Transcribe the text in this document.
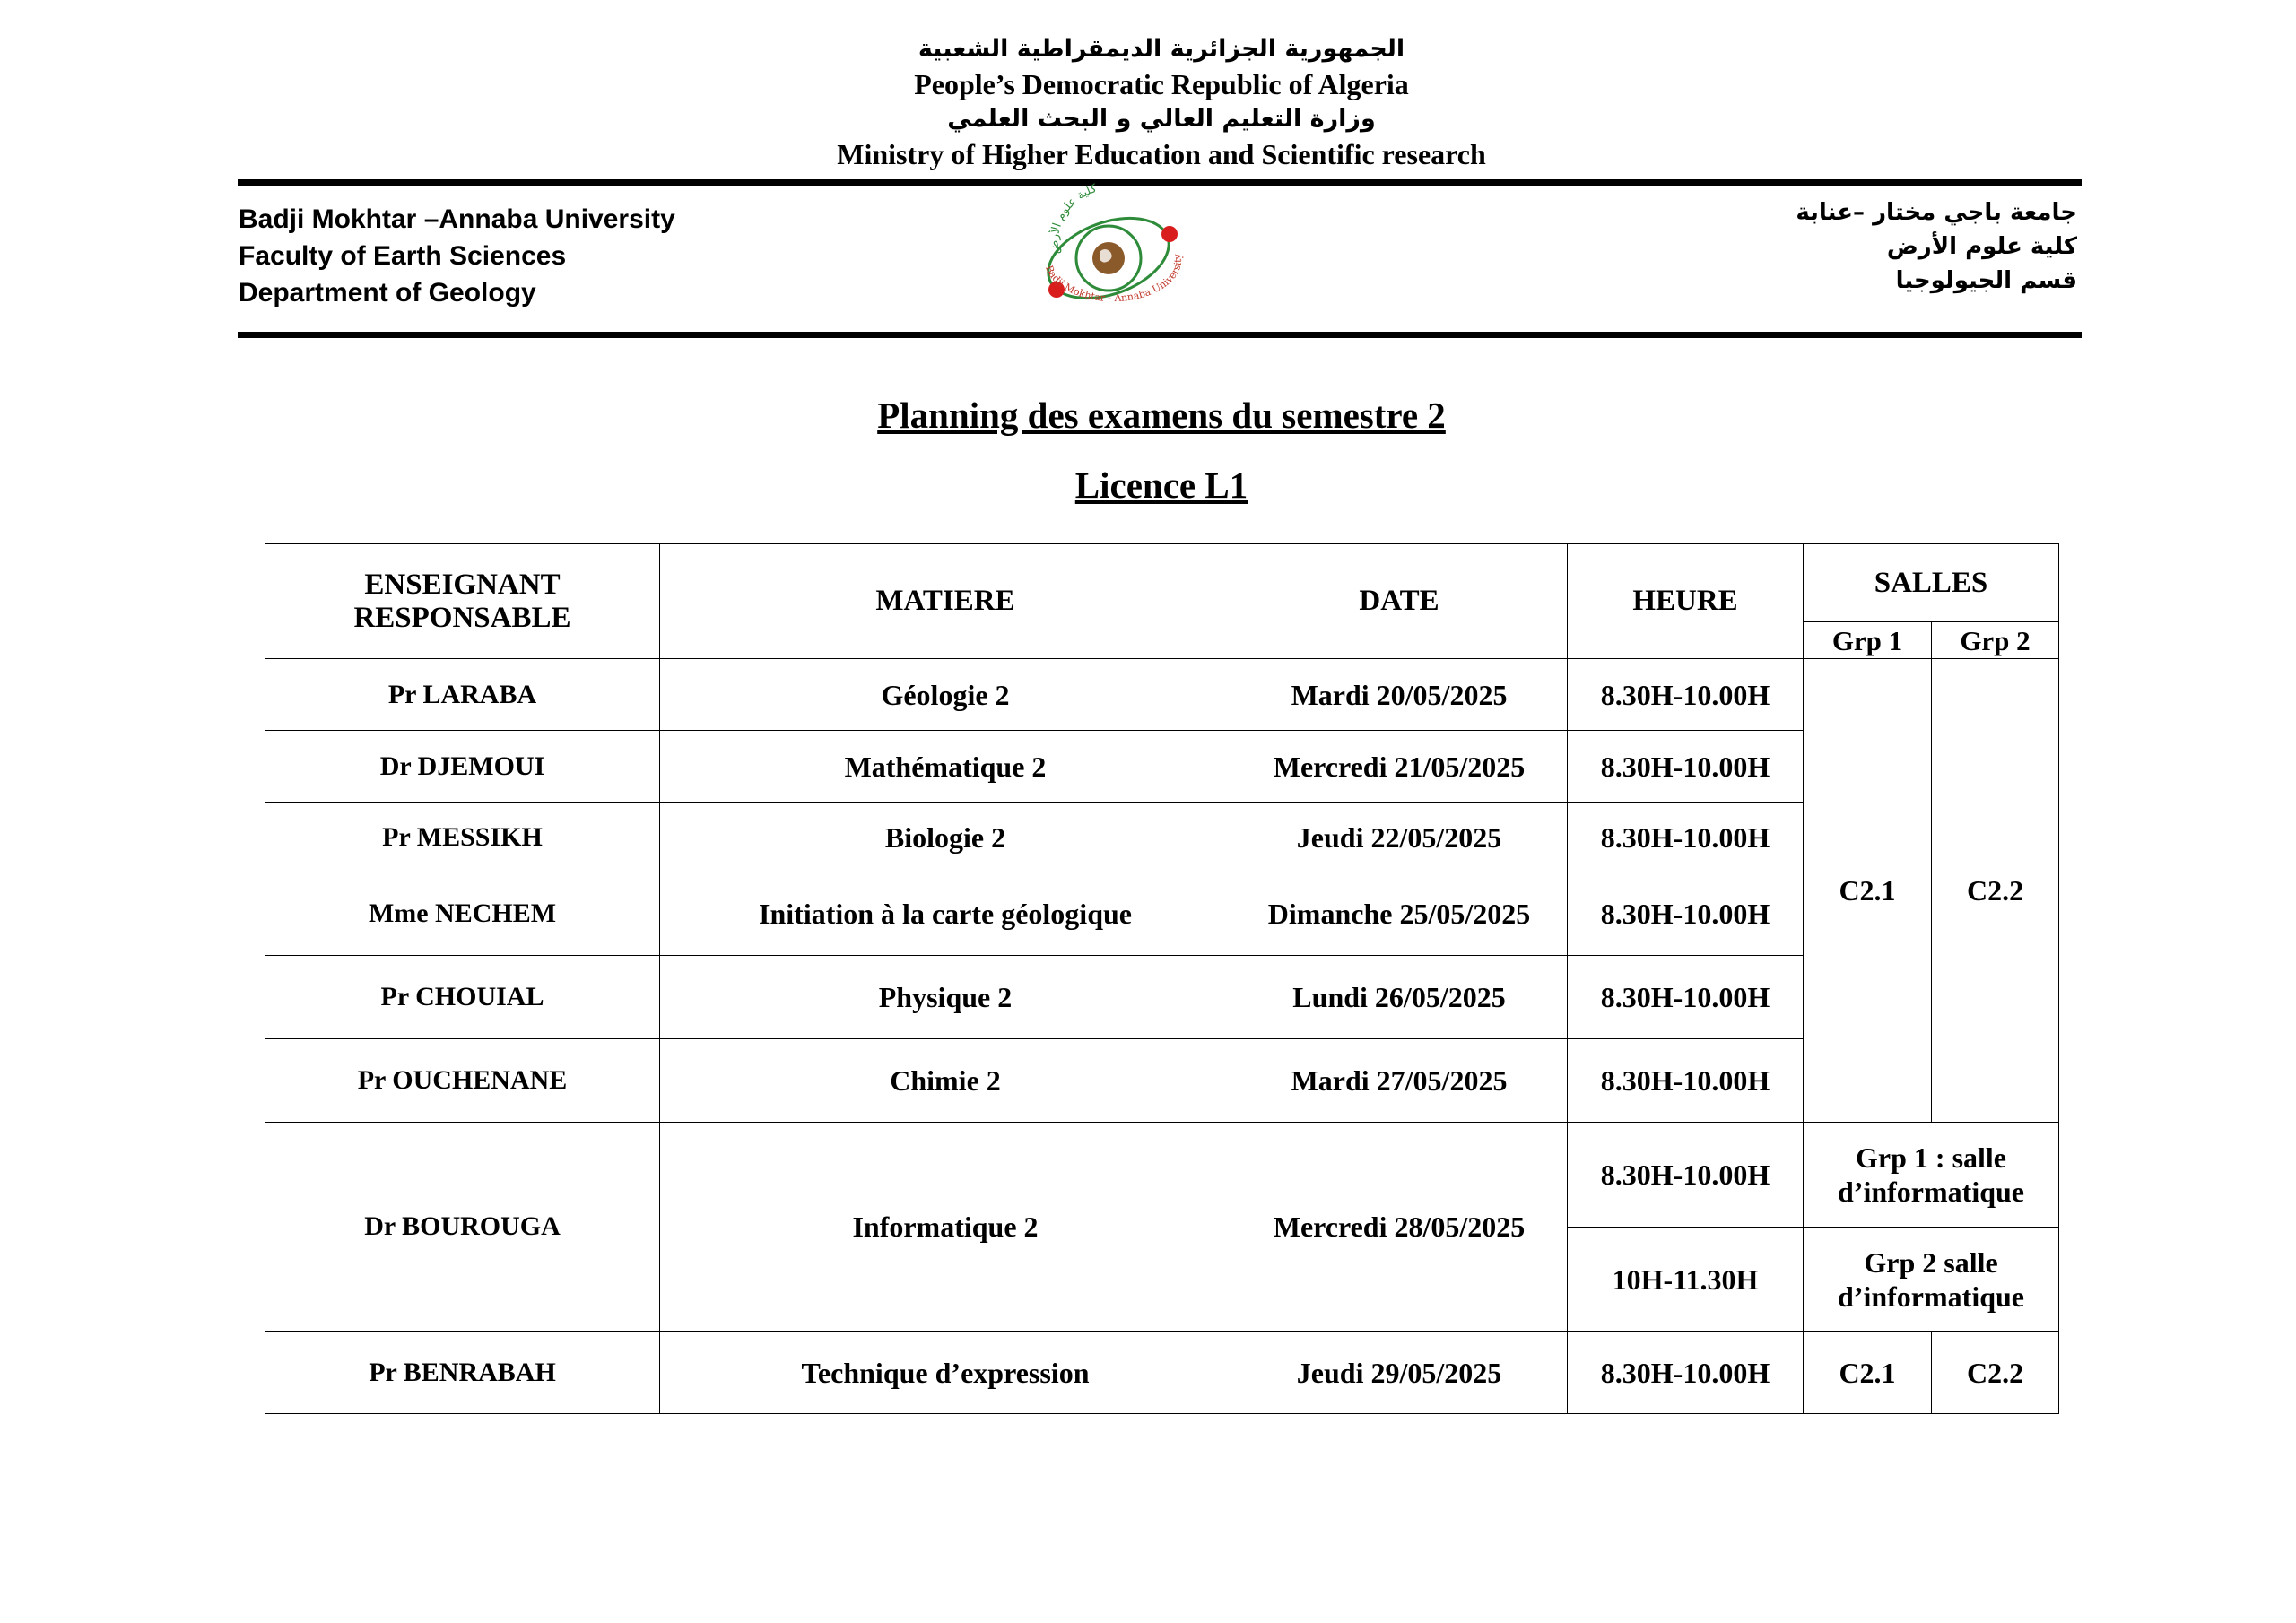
الجمهورية الجزائرية الديمقراطية الشعبية
People’s Democratic Republic of Algeria
وزارة التعليم العالي و البحث العلمي
Ministry of Higher Education and Scientific research
Badji Mokhtar –Annaba University
Faculty of Earth Sciences
Department of Geology
كلية علوم الأرض
Badji Mokhtar - Annaba University
جامعة باجي مختار –عنابة
كلية علوم الأرض
قسم الجيولوجيا
Planning des examens du semestre 2
Licence L1
ENSEIGNANT RESPONSABLE	MATIERE	DATE	HEURE	SALLES	
				Grp 1	Grp 2
Pr LARABA	Géologie 2	Mardi 20/05/2025	8.30H-10.00H	C2.1	C2.2
Dr DJEMOUI	Mathématique 2	Mercredi 21/05/2025	8.30H-10.00H		
Pr MESSIKH	Biologie 2	Jeudi 22/05/2025	8.30H-10.00H		
Mme NECHEM	Initiation à la carte géologique	Dimanche 25/05/2025	8.30H-10.00H		
Pr CHOUIAL	Physique 2	Lundi 26/05/2025	8.30H-10.00H		
Pr OUCHENANE	Chimie 2	Mardi 27/05/2025	8.30H-10.00H		
Dr BOUROUGA	Informatique 2	Mercredi 28/05/2025	8.30H-10.00H	Grp 1 : salle
d’informatique	

			10H-11.30H	Grp 2 salle
d’informatique	

Pr BENRABAH	Technique d’expression	Jeudi 29/05/2025	8.30H-10.00H	C2.1	C2.2
